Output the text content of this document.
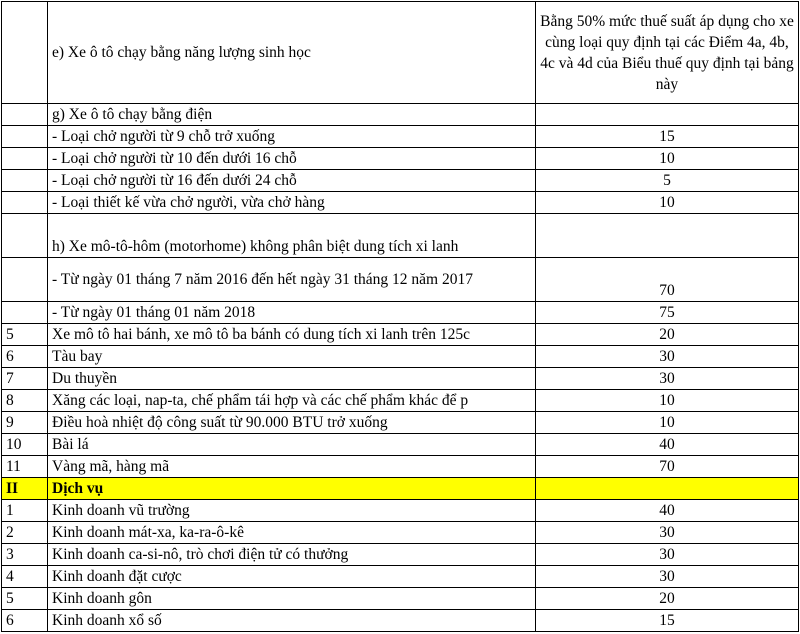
	e) Xe ô tô chạy bằng năng lượng sinh học	Bằng 50% mức thuế suất áp dụng cho xe cùng loại quy định tại các Điểm 4a, 4b, 4c và 4d của Biểu thuế quy định tại bảng này
	g) Xe ô tô chạy bằng điện	
	- Loại chở người từ 9 chỗ trở xuống	15
	- Loại chở người từ 10 đến dưới 16 chỗ	10
	- Loại chở người từ 16 đến dưới 24 chỗ	5
	- Loại thiết kế vừa chở người, vừa chở hàng	10
	h) Xe mô-tô-hôm (motorhome) không phân biệt dung tích xi lanh	
	- Từ ngày 01 tháng 7 năm 2016 đến hết ngày 31 tháng 12 năm 2017	70
	- Từ ngày 01 tháng 01 năm 2018	75
5	Xe mô tô hai bánh, xe mô tô ba bánh có dung tích xi lanh trên 125c	20
6	Tàu bay	30
7	Du thuyền	30
8	Xăng các loại, nap-ta, chế phẩm tái hợp và các chế phẩm khác để p	10
9	Điều hoà nhiệt độ công suất từ 90.000 BTU trở xuống	10
10	Bài lá	40
11	Vàng mã, hàng mã	70
II	Dịch vụ	
1	Kinh doanh vũ trường	40
2	Kinh doanh mát-xa, ka-ra-ô-kê	30
3	Kinh doanh ca-si-nô, trò chơi điện tử có thưởng	30
4	Kinh doanh đặt cược	30
5	Kinh doanh gôn	20
6	Kinh doanh xổ số	15
